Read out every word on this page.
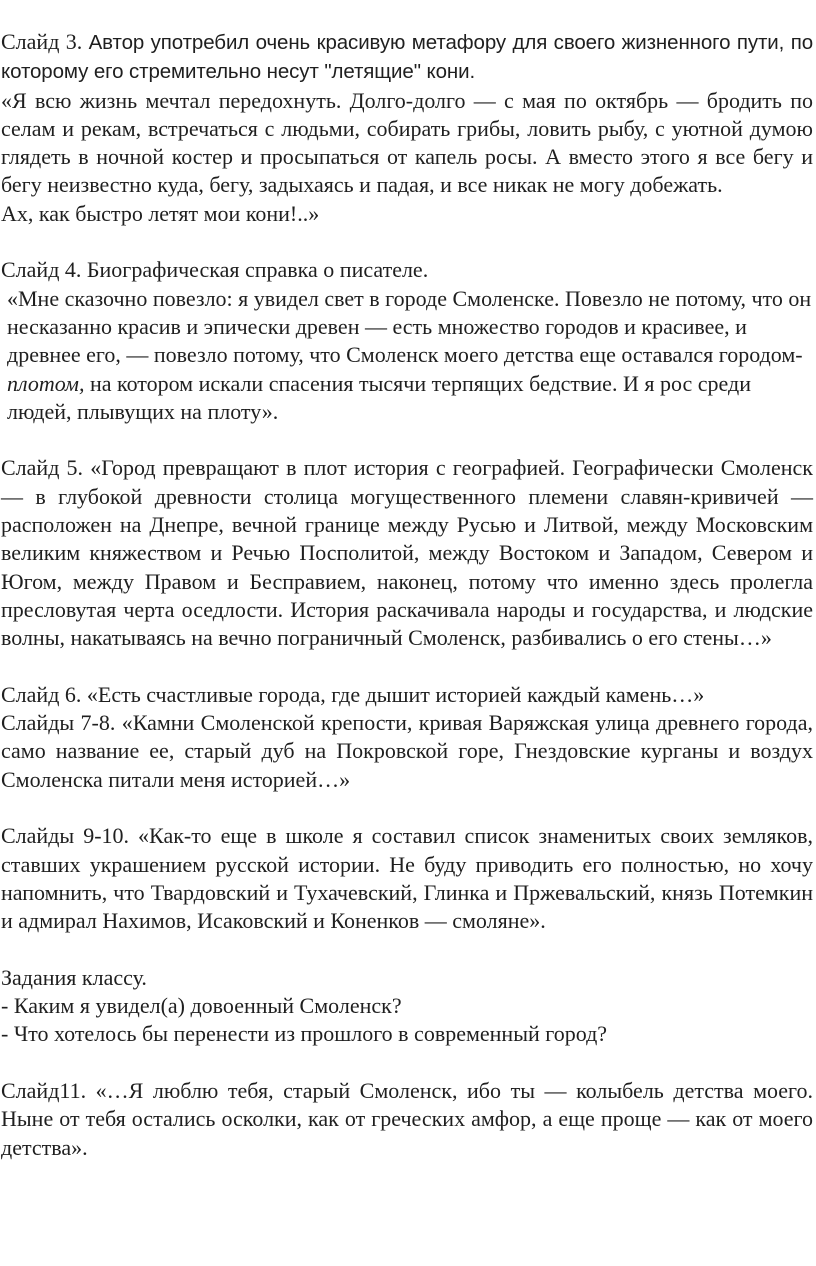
Слайд 3. Автор употребил очень красивую метафору для своего жизненного пути, по которому его стремительно несут "летящие" кони.

«Я всю жизнь мечтал передохнуть. Долго-долго — с мая по октябрь — бродить по селам и рекам, встречаться с людьми, собирать грибы, ловить рыбу, с уютной думою глядеть в ночной костер и просыпаться от капель росы. А вместо этого я все бегу и бегу неизвестно куда, бегу, задыхаясь и падая, и все никак не могу добежать.

Ах, как быстро летят мои кони!..»

Слайд 4. Биографическая справка о писателе.

«Мне сказочно повезло: я увидел свет в городе Смоленске. Повезло не потому, что он несказанно красив и эпически древен — есть множество городов и красивее, и древнее его, — повезло потому, что Смоленск моего детства еще оставался городом-плотом, на котором искали спасения тысячи терпящих бедствие. И я рос среди людей, плывущих на плоту».

Слайд 5. «Город превращают в плот история с географией. Географически Смоленск — в глубокой древности столица могущественного племени славян-кривичей — расположен на Днепре, вечной границе между Русью и Литвой, между Московским великим княжеством и Речью Посполитой, между Востоком и Западом, Севером и Югом, между Правом и Бесправием, наконец, потому что именно здесь пролегла пресловутая черта оседлости. История раскачивала народы и государства, и людские волны, накатываясь на вечно пограничный Смоленск, разбивались о его стены…»

Слайд 6. «Есть счастливые города, где дышит историей каждый камень…»

Слайды 7-8. «Камни Смоленской крепости, кривая Варяжская улица древнего города, само название ее, старый дуб на Покровской горе, Гнездовские курганы и воздух Смоленска питали меня историей…»

Слайды 9-10. «Как-то еще в школе я составил список знаменитых своих земляков, ставших украшением русской истории. Не буду приводить его полностью, но хочу напомнить, что Твардовский и Тухачевский, Глинка и Пржевальский, князь Потемкин и адмирал Нахимов, Исаковский и Коненков — смоляне».

Задания классу.

- Каким я увидел(а) довоенный Смоленск?

- Что хотелось бы перенести из прошлого в современный город?

Слайд11. «…Я люблю тебя, старый Смоленск, ибо ты — колыбель детства моего. Ныне от тебя остались осколки, как от греческих амфор, а еще проще — как от моего детства».
